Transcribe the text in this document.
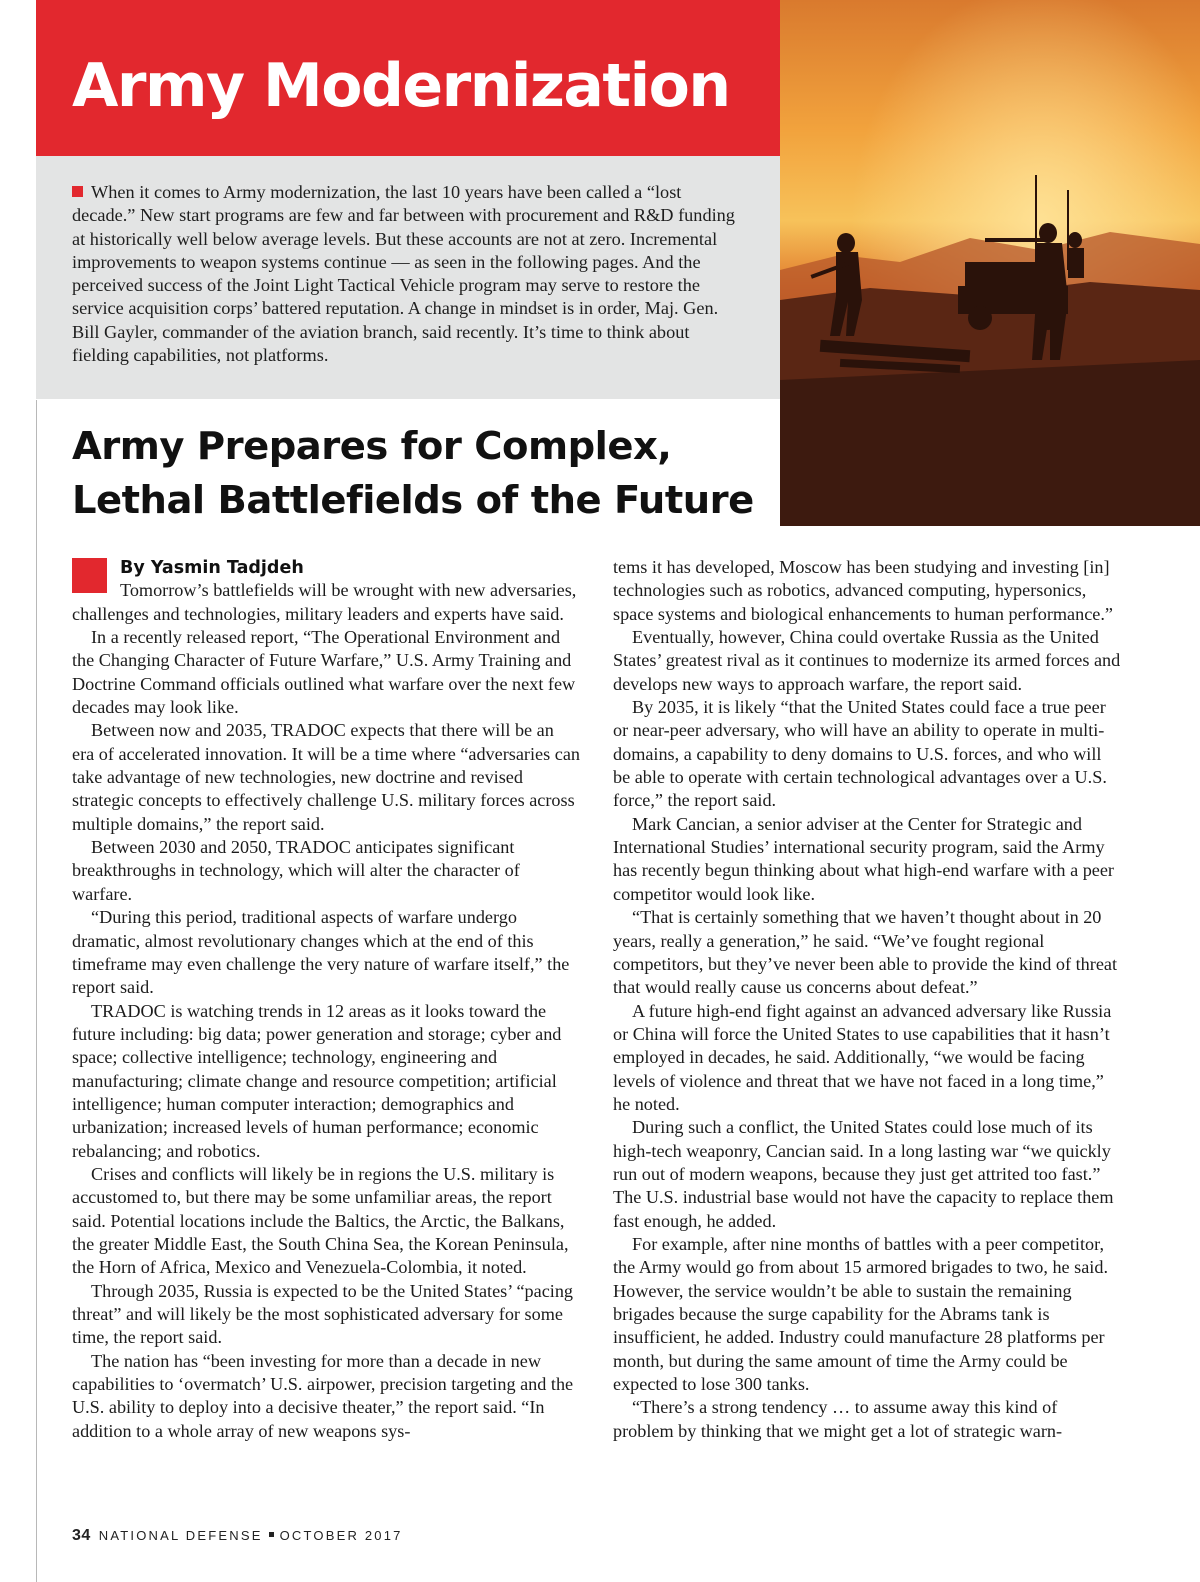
Army Modernization

When it comes to Army modernization, the last 10 years have been called a “lost decade.” New start programs are few and far between with procurement and R&D funding at historically well below average levels. But these accounts are not at zero. Incremental improvements to weapon systems continue — as seen in the following pages. And the perceived success of the Joint Light Tactical Vehicle program may serve to restore the service acquisition corps’ battered reputation. A change in mindset is in order, Maj. Gen. Bill Gayler, commander of the aviation branch, said recently. It’s time to think about fielding capabilities, not platforms.

Army Prepares for Complex,
Lethal Battlefields of the Future
By Yasmin Tadjdeh

Tomorrow’s battlefields will be wrought with new adversaries, challenges and technologies, military leaders and experts have said.

In a recently released report, “The Operational Environment and the Changing Character of Future Warfare,” U.S. Army Training and Doctrine Command officials outlined what warfare over the next few decades may look like.

Between now and 2035, TRADOC expects that there will be an era of accelerated innovation. It will be a time where “adversaries can take advantage of new technologies, new doctrine and revised strategic concepts to effectively challenge U.S. military forces across multiple domains,” the report said.

Between 2030 and 2050, TRADOC anticipates significant breakthroughs in technology, which will alter the character of warfare.

“During this period, traditional aspects of warfare undergo dramatic, almost revolutionary changes which at the end of this timeframe may even challenge the very nature of warfare itself,” the report said.

TRADOC is watching trends in 12 areas as it looks toward the future including: big data; power generation and storage; cyber and space; collective intelligence; technology, engineering and manufacturing; climate change and resource competition; artificial intelligence; human computer interaction; demographics and urbanization; increased levels of human performance; economic rebalancing; and robotics.

Crises and conflicts will likely be in regions the U.S. military is accustomed to, but there may be some unfamiliar areas, the report said. Potential locations include the Baltics, the Arctic, the Balkans, the greater Middle East, the South China Sea, the Korean Peninsula, the Horn of Africa, Mexico and Venezuela-Colombia, it noted.

Through 2035, Russia is expected to be the United States’ “pacing threat” and will likely be the most sophisticated adversary for some time, the report said.

The nation has “been investing for more than a decade in new capabilities to ‘overmatch’ U.S. airpower, precision targeting and the U.S. ability to deploy into a decisive theater,” the report said. “In addition to a whole array of new weapons sys-

tems it has developed, Moscow has been studying and investing [in] technologies such as robotics, advanced computing, hypersonics, space systems and biological enhancements to human performance.”

Eventually, however, China could overtake Russia as the United States’ greatest rival as it continues to modernize its armed forces and develops new ways to approach warfare, the report said.

By 2035, it is likely “that the United States could face a true peer or near-peer adversary, who will have an ability to operate in multi-domains, a capability to deny domains to U.S. forces, and who will be able to operate with certain technological advantages over a U.S. force,” the report said.

Mark Cancian, a senior adviser at the Center for Strategic and International Studies’ international security program, said the Army has recently begun thinking about what high-end warfare with a peer competitor would look like.

“That is certainly something that we haven’t thought about in 20 years, really a generation,” he said. “We’ve fought regional competitors, but they’ve never been able to provide the kind of threat that would really cause us concerns about defeat.”

A future high-end fight against an advanced adversary like Russia or China will force the United States to use capabilities that it hasn’t employed in decades, he said. Additionally, “we would be facing levels of violence and threat that we have not faced in a long time,” he noted.

During such a conflict, the United States could lose much of its high-tech weaponry, Cancian said. In a long lasting war “we quickly run out of modern weapons, because they just get attrited too fast.” The U.S. industrial base would not have the capacity to replace them fast enough, he added.

For example, after nine months of battles with a peer competitor, the Army would go from about 15 armored brigades to two, he said. However, the service wouldn’t be able to sustain the remaining brigades because the surge capability for the Abrams tank is insufficient, he added. Industry could manufacture 28 platforms per month, but during the same amount of time the Army could be expected to lose 300 tanks.

“There’s a strong tendency … to assume away this kind of problem by thinking that we might get a lot of strategic warn-

34 NATIONAL DEFENSE OCTOBER 2017
